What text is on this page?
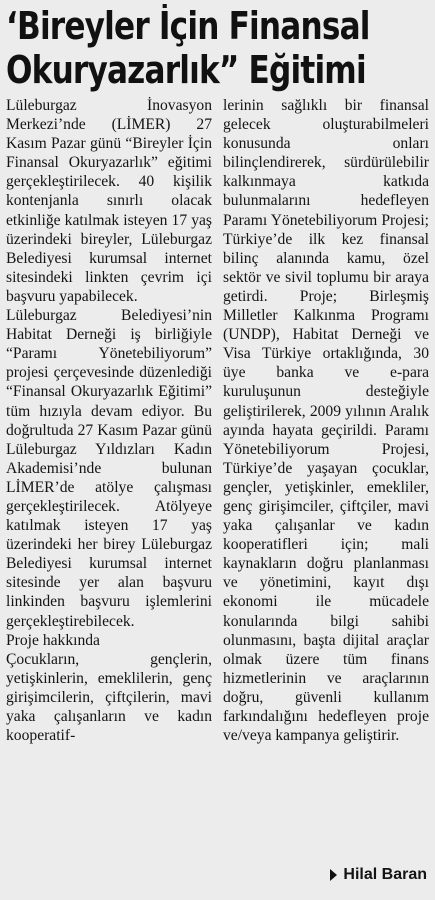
‘Bireyler İçin Finansal
Okuryazarlık” Eğitimi

Lüleburgaz İnovasyon Merkezi’nde (LİMER) 27 Kasım Pazar günü “Bireyler İçin Finansal Okuryazarlık” eğitimi gerçekleştirilecek. 40 kişilik kontenjanla sınırlı olacak etkinliğe katılmak isteyen 17 yaş üzerindeki bireyler, Lüleburgaz Belediyesi kurumsal internet sitesindeki linkten çevrim içi başvuru yapabilecek.

Lüleburgaz Belediyesi’nin Habitat Derneği iş birliğiyle “Paramı Yönetebiliyorum” projesi çerçevesinde düzenlediği “Finansal Okuryazarlık Eğitimi” tüm hızıyla devam ediyor. Bu doğrultuda 27 Kasım Pazar günü Lüleburgaz Yıldızları Kadın Akademisi’nde bulunan LİMER’de atölye çalışması gerçekleştirilecek. Atölyeye katılmak isteyen 17 yaş üzerindeki her birey Lüleburgaz Belediyesi kurumsal internet sitesinde yer alan başvuru linkinden başvuru işlemlerini gerçekleştirebilecek.

Proje hakkında

Çocukların, gençlerin, yetişkinlerin, emeklilerin, genç girişimcilerin, çiftçilerin, mavi yaka çalışanların ve kadın kooperatif-

lerinin sağlıklı bir finansal gelecek oluşturabilmeleri konusunda onları bilinçlendirerek, sürdürülebilir kalkınmaya katkıda bulunmalarını hedefleyen Paramı Yönetebiliyorum Projesi; Türkiye’de ilk kez finansal bilinç alanında kamu, özel sektör ve sivil toplumu bir araya getirdi. Proje; Birleşmiş Milletler Kalkınma Programı (UNDP), Habitat Derneği ve Visa Türkiye ortaklığında, 30 üye banka ve e-para kuruluşunun desteğiyle geliştirilerek, 2009 yılının Aralık ayında hayata geçirildi. Paramı Yönetebiliyorum Projesi, Türkiye’de yaşayan çocuklar, gençler, yetişkinler, emekliler, genç girişimciler, çiftçiler, mavi yaka çalışanlar ve kadın kooperatifleri için; mali kaynakların doğru planlanması ve yönetimini, kayıt dışı ekonomi ile mücadele konularında bilgi sahibi olunmasını, başta dijital araçlar olmak üzere tüm finans hizmetlerinin ve araçlarının doğru, güvenli kullanım farkındalığını hedefleyen proje ve/veya kampanya geliştirir.

Hilal Baran
